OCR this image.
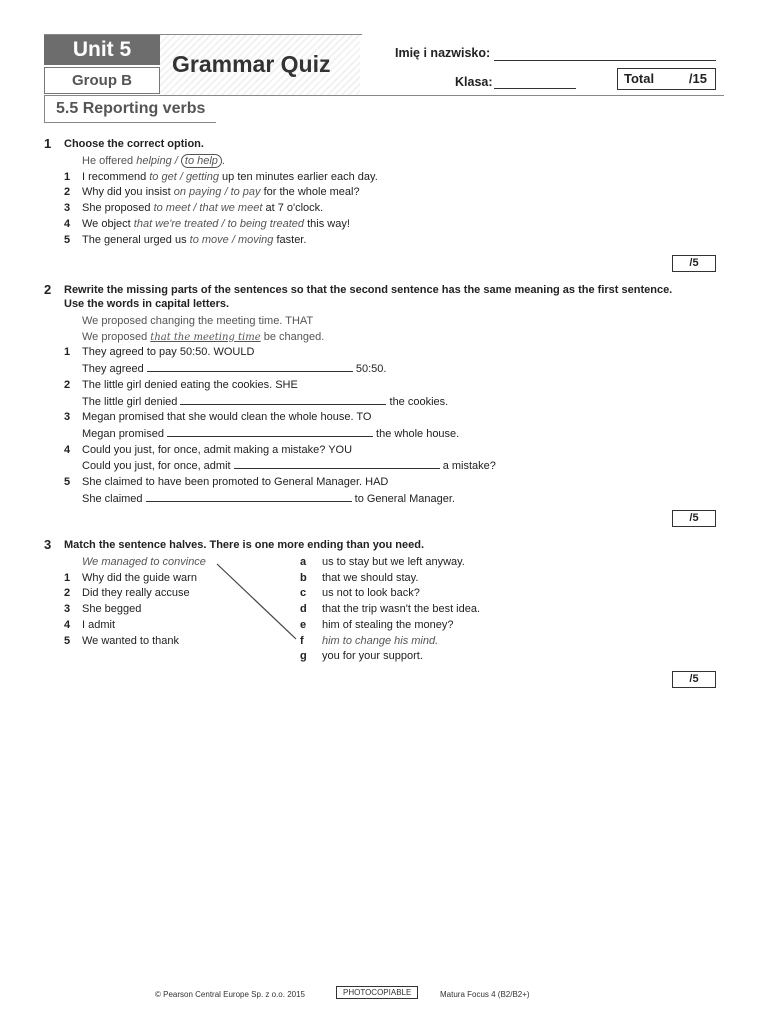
Unit 5
Group B
Grammar Quiz	Imię i nazwisko:
Klasa:	Total	/15
5.5 Reporting verbs
1 Choose the correct option.
He offered helping / to help .
1 I recommend to get / getting up ten minutes earlier each day.
2 Why did you insist on paying / to pay for the whole meal?
3 She proposed to meet / that we meet at 7 o'clock.
4 We object that we're treated / to being treated this way!
5 The general urged us to move / moving faster.
/5
2 Rewrite the missing parts of the sentences so that the second sentence has the same meaning as the first sentence.
Use the words in capital letters.
We proposed changing the meeting time. THAT
We proposed that the meeting time be changed.
1 They agreed to pay 50:50. WOULD
They agreed	50:50.
2 The little girl denied eating the cookies. SHE
The little girl denied	the cookies.
3 Megan promised that she would clean the whole house. TO
Megan promised	the whole house.
4 Could you just, for once, admit making a mistake? YOU
Could you just, for once, admit	a mistake?
5 She claimed to have been promoted to General Manager. HAD
She claimed	to General Manager.
/5
3 Match the sentence halves. There is one more ending than you need.
We managed to convince
1 Why did the guide warn
2 Did they really accuse
3 She begged
4 I admit
5 We wanted to thank
a us to stay but we left anyway.
b that we should stay.
c us not to look back?
d that the trip wasn't the best idea.
e him of stealing the money?
f him to change his mind.
g you for your support.
/5
© Pearson Central Europe Sp. z o.o. 2015	PHOTOCOPIABLE	Matura Focus 4 (B2/B2+)
